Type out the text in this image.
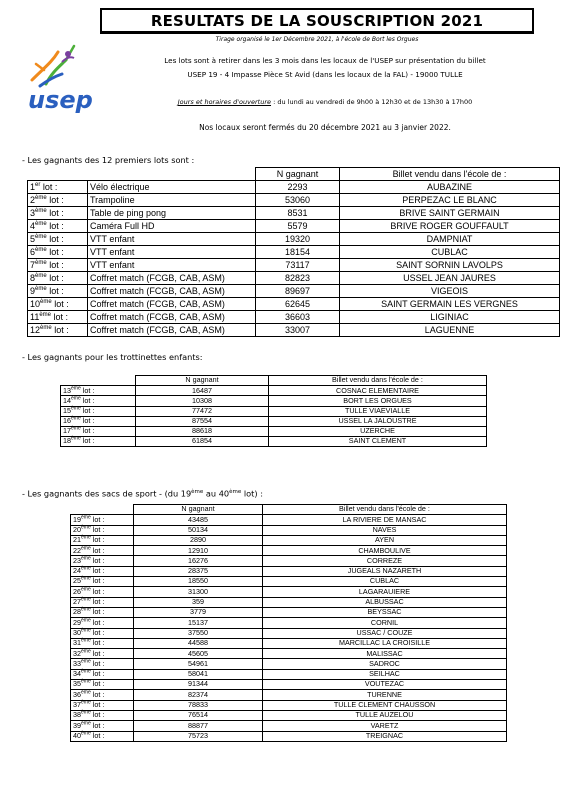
RESULTATS DE LA SOUSCRIPTION 2021
Tirage organisé le 1er Décembre 2021, à l'école de Bort les Orgues
usep
Les lots sont à retirer dans les 3 mois dans les locaux de l'USEP sur présentation du billet
USEP 19 - 4 Impasse Pièce St Avid (dans les locaux de la FAL) - 19000 TULLE
Jours et horaires d'ouverture : du lundi au vendredi de 9h00 à 12h30 et de 13h30 à 17h00
Nos locaux seront fermés du 20 décembre 2021 au 3 janvier 2022.
- Les gagnants des 12 premiers lots sont :
		N gagnant	Billet vendu dans l'école de :
1er lot :	Vélo électrique	2293	AUBAZINE
2ème lot :	Trampoline	53060	PERPEZAC LE BLANC
3ème lot :	Table de ping pong	8531	BRIVE SAINT GERMAIN
4ème lot :	Caméra Full HD	5579	BRIVE ROGER GOUFFAULT
5ème lot :	VTT enfant	19320	DAMPNIAT
6ème lot :	VTT enfant	18154	CUBLAC
7ème lot :	VTT enfant	73117	SAINT SORNIN LAVOLPS
8ème lot :	Coffret match (FCGB, CAB, ASM)	82823	USSEL JEAN JAURES
9ème lot :	Coffret match (FCGB, CAB, ASM)	89697	VIGEOIS
10ème lot :	Coffret match (FCGB, CAB, ASM)	62645	SAINT GERMAIN LES VERGNES
11ème lot :	Coffret match (FCGB, CAB, ASM)	36603	LIGINIAC
12ème lot :	Coffret match (FCGB, CAB, ASM)	33007	LAGUENNE
- Les gagnants pour les trottinettes enfants:
	N gagnant	Billet vendu dans l'école de :
13ème lot :	16487	COSNAC ELEMENTAIRE
14ème lot :	10308	BORT LES ORGUES
15ème lot :	77472	TULLE VIAEVIALLE
16ème lot :	87554	USSEL LA JALOUSTRE
17ème lot :	88618	UZERCHE
18ème lot :	61854	SAINT CLEMENT
- Les gagnants des sacs de sport - (du 19ème au 40ème lot) :
	N gagnant	Billet vendu dans l'école de :
19ème lot :	43485	LA RIVIERE DE MANSAC
20ème lot :	50134	NAVES
21ème lot :	2890	AYEN
22ème lot :	12910	CHAMBOULIVE
23ème lot :	16276	CORREZE
24ème lot :	28375	JUGEALS NAZARETH
25ème lot :	18550	CUBLAC
26ème lot :	31300	LAGARAUIERE
27ème lot :	359	ALBUSSAC
28ème lot :	3779	BEYSSAC
29ème lot :	15137	CORNIL
30ème lot :	37550	USSAC / COUZE
31ème lot :	44588	MARCILLAC LA CROISILLE
32ème lot :	45605	MALISSAC
33ème lot :	54961	SADROC
34ème lot :	58041	SEILHAC
35ème lot :	91344	VOUTEZAC
36ème lot :	82374	TURENNE
37ème lot :	78833	TULLE CLEMENT CHAUSSON
38ème lot :	76514	TULLE AUZELOU
39ème lot :	88877	VARETZ
40ème lot :	75723	TREIGNAC
